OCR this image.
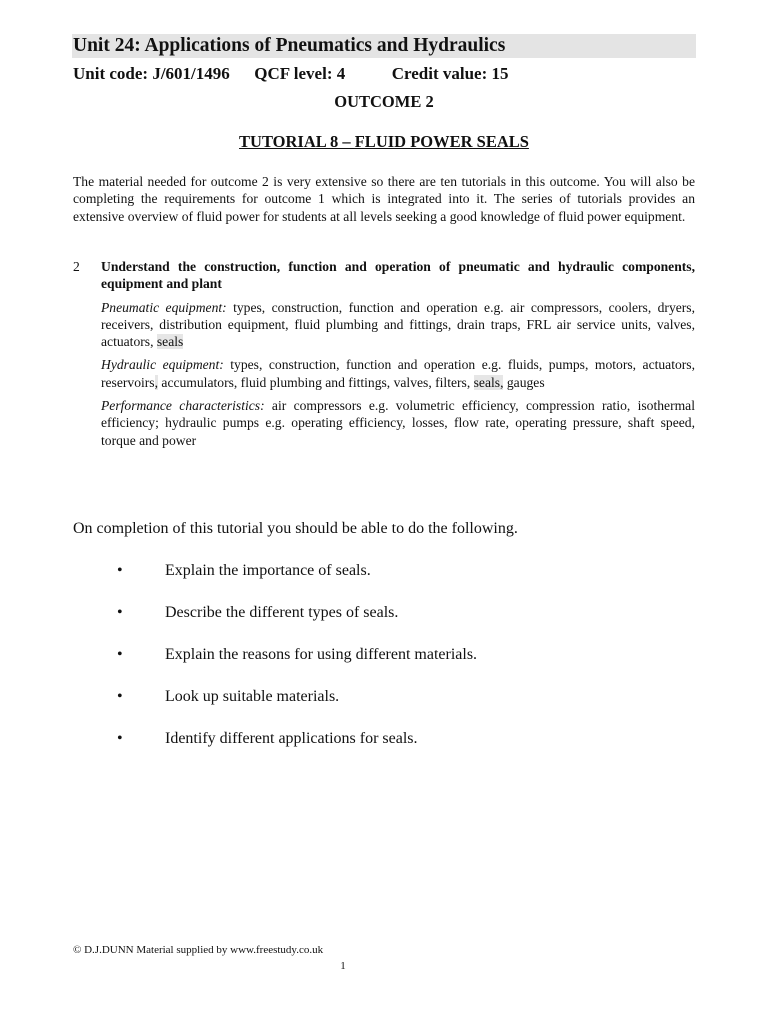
Unit 24: Applications of Pneumatics and Hydraulics
Unit code: J/601/1496 QCF level: 4	Credit value: 15
OUTCOME 2
TUTORIAL 8 – FLUID POWER SEALS
The material needed for outcome 2 is very extensive so there are ten tutorials in this outcome. You will also be completing the requirements for outcome 1 which is integrated into it. The series of tutorials provides an extensive overview of fluid power for students at all levels seeking a good knowledge of fluid power equipment.
2 Understand the construction, function and operation of pneumatic and hydraulic components, equipment and plant

Pneumatic equipment: types, construction, function and operation e.g. air compressors, coolers, dryers, receivers, distribution equipment, fluid plumbing and fittings, drain traps, FRL air service units, valves, actuators, seals

Hydraulic equipment: types, construction, function and operation e.g. fluids, pumps, motors, actuators, reservoirs, accumulators, fluid plumbing and fittings, valves, filters, seals, gauges

Performance characteristics: air compressors e.g. volumetric efficiency, compression ratio, isothermal efficiency; hydraulic pumps e.g. operating efficiency, losses, flow rate, operating pressure, shaft speed, torque and power

On completion of this tutorial you should be able to do the following.
•	Explain the importance of seals.
•	Describe the different types of seals.
•	Explain the reasons for using different materials.
•	Look up suitable materials.
•	Identify different applications for seals.
© D.J.DUNN Material supplied by www.freestudy.co.uk
1
